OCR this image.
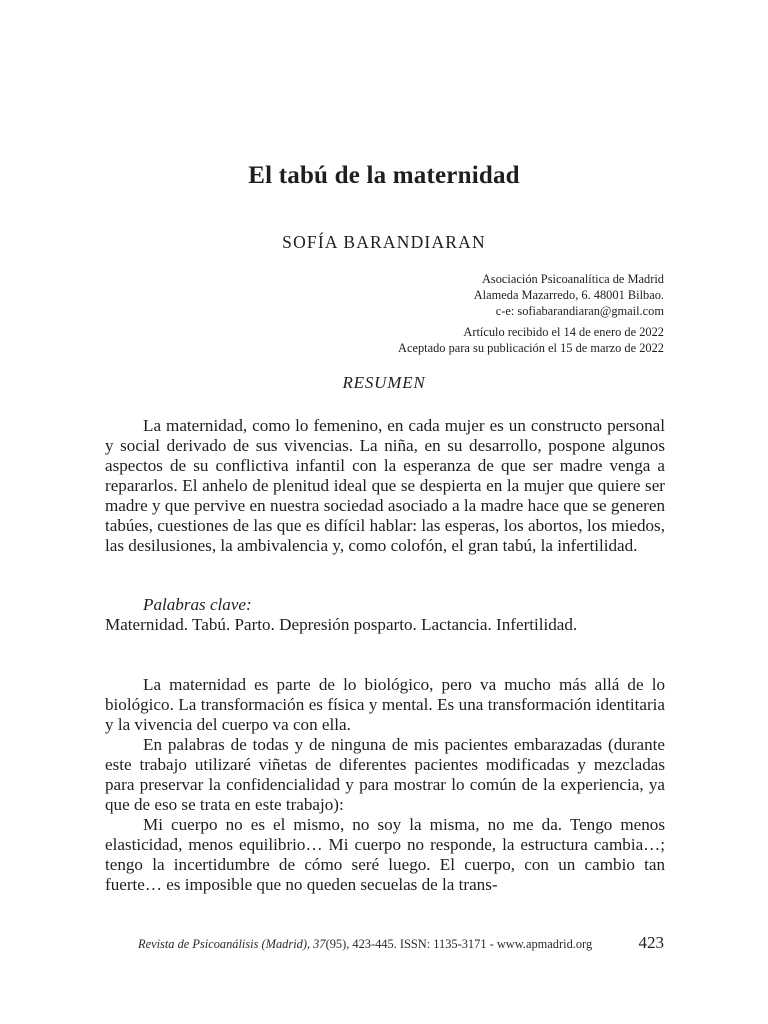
El tabú de la maternidad
SOFÍA BARANDIARAN
Asociación Psicoanalítica de Madrid
Alameda Mazarredo, 6. 48001 Bilbao.
c-e: sofiabarandiaran@gmail.com
Artículo recibido el 14 de enero de 2022
Aceptado para su publicación el 15 de marzo de 2022
RESUMEN

La maternidad, como lo femenino, en cada mujer es un constructo personal y social derivado de sus vivencias. La niña, en su desarrollo, pospone algunos aspectos de su conflictiva infantil con la esperanza de que ser madre venga a repararlos. El anhelo de plenitud ideal que se despierta en la mujer que quiere ser madre y que pervive en nuestra sociedad asociado a la madre hace que se generen tabúes, cuestiones de las que es difícil hablar: las esperas, los abortos, los miedos, las desilusiones, la ambivalencia y, como colofón, el gran tabú, la infertilidad.

Palabras clave:
Maternidad. Tabú. Parto. Depresión posparto. Lactancia. Infertilidad.

La maternidad es parte de lo biológico, pero va mucho más allá de lo biológico. La transformación es física y mental. Es una transformación identitaria y la vivencia del cuerpo va con ella.

En palabras de todas y de ninguna de mis pacientes embarazadas (durante este trabajo utilizaré viñetas de diferentes pacientes modificadas y mezcladas para preservar la confidencialidad y para mostrar lo común de la experiencia, ya que de eso se trata en este trabajo):

Mi cuerpo no es el mismo, no soy la misma, no me da. Tengo menos elasticidad, menos equilibrio… Mi cuerpo no responde, la estructura cambia…; tengo la incertidumbre de cómo seré luego. El cuerpo, con un cambio tan fuerte… es imposible que no queden secuelas de la trans-

Revista de Psicoanálisis (Madrid), 37(95), 423-445. ISSN: 1135-3171 - www.apmadrid.org	423
